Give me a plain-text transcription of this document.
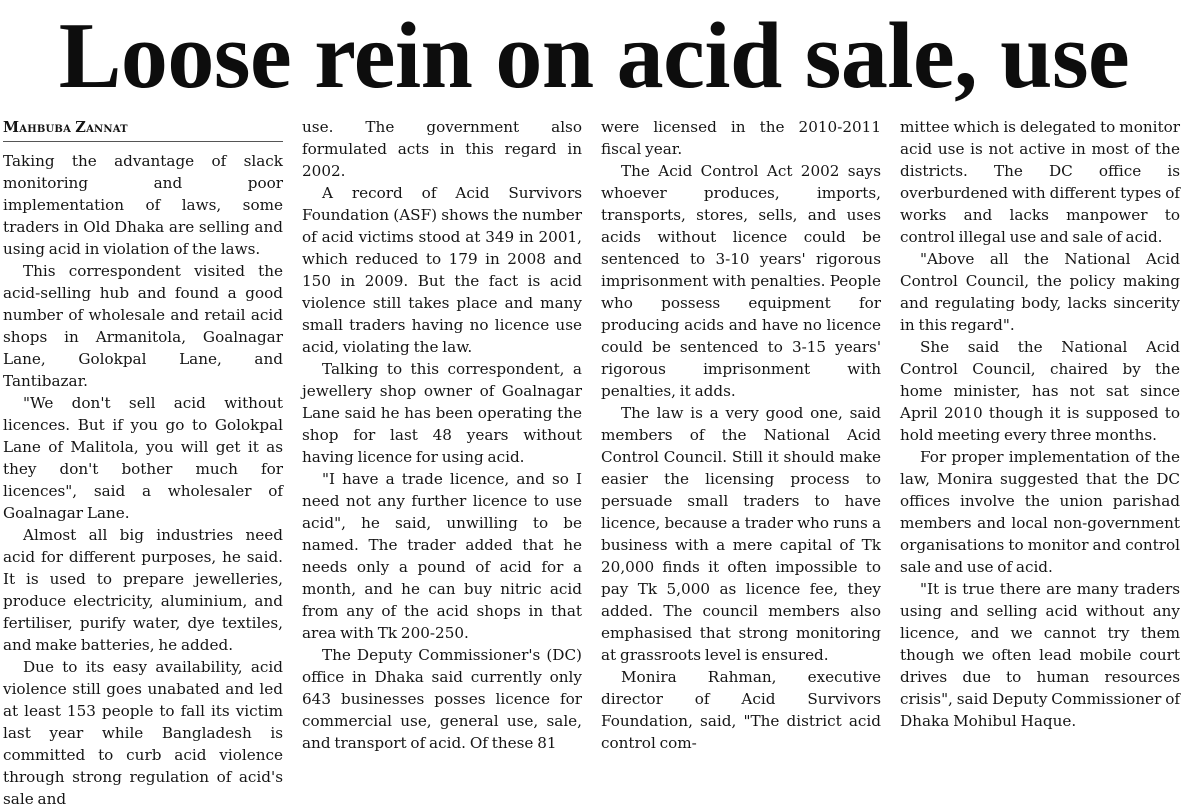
Loose rein on acid sale, use
Mahbuba Zannat

Taking the advantage of slack monitoring and poor implementation of laws, some traders in Old Dhaka are selling and using acid in violation of the laws.

This correspondent visited the acid-selling hub and found a good number of wholesale and retail acid shops in Armanitola, Goalnagar Lane, Golokpal Lane, and Tantibazar.

"We don't sell acid without licences. But if you go to Golokpal Lane of Malitola, you will get it as they don't bother much for licences", said a wholesaler of Goalnagar Lane.

Almost all big industries need acid for different purposes, he said. It is used to prepare jewelleries, produce electricity, aluminium, and fertiliser, purify water, dye textiles, and make batteries, he added.

Due to its easy availability, acid violence still goes unabated and led at least 153 people to fall its victim last year while Bangladesh is committed to curb acid violence through strong regulation of acid's sale and

use. The government also formulated acts in this regard in 2002.

A record of Acid Survivors Foundation (ASF) shows the number of acid victims stood at 349 in 2001, which reduced to 179 in 2008 and 150 in 2009. But the fact is acid violence still takes place and many small traders having no licence use acid, violating the law.

Talking to this correspondent, a jewellery shop owner of Goalnagar Lane said he has been operating the shop for last 48 years without having licence for using acid.

"I have a trade licence, and so I need not any further licence to use acid", he said, unwilling to be named. The trader added that he needs only a pound of acid for a month, and he can buy nitric acid from any of the acid shops in that area with Tk 200-250.

The Deputy Commissioner's (DC) office in Dhaka said currently only 643 businesses posses licence for commercial use, general use, sale, and transport of acid. Of these 81

were licensed in the 2010-2011 fiscal year.

The Acid Control Act 2002 says whoever produces, imports, transports, stores, sells, and uses acids without licence could be sentenced to 3-10 years' rigorous imprisonment with penalties. People who possess equipment for producing acids and have no licence could be sentenced to 3-15 years' rigorous imprisonment with penalties, it adds.

The law is a very good one, said members of the National Acid Control Council. Still it should make easier the licensing process to persuade small traders to have licence, because a trader who runs a business with a mere capital of Tk 20,000 finds it often impossible to pay Tk 5,000 as licence fee, they added. The council members also emphasised that strong monitoring at grassroots level is ensured.

Monira Rahman, executive director of Acid Survivors Foundation, said, "The district acid control com-

mittee which is delegated to monitor acid use is not active in most of the districts. The DC office is overburdened with different types of works and lacks manpower to control illegal use and sale of acid.

"Above all the National Acid Control Council, the policy making and regulating body, lacks sincerity in this regard".

She said the National Acid Control Council, chaired by the home minister, has not sat since April 2010 though it is supposed to hold meeting every three months.

For proper implementation of the law, Monira suggested that the DC offices involve the union parishad members and local non-government organisations to monitor and control sale and use of acid.

"It is true there are many traders using and selling acid without any licence, and we cannot try them though we often lead mobile court drives due to human resources crisis", said Deputy Commissioner of Dhaka Mohibul Haque.
